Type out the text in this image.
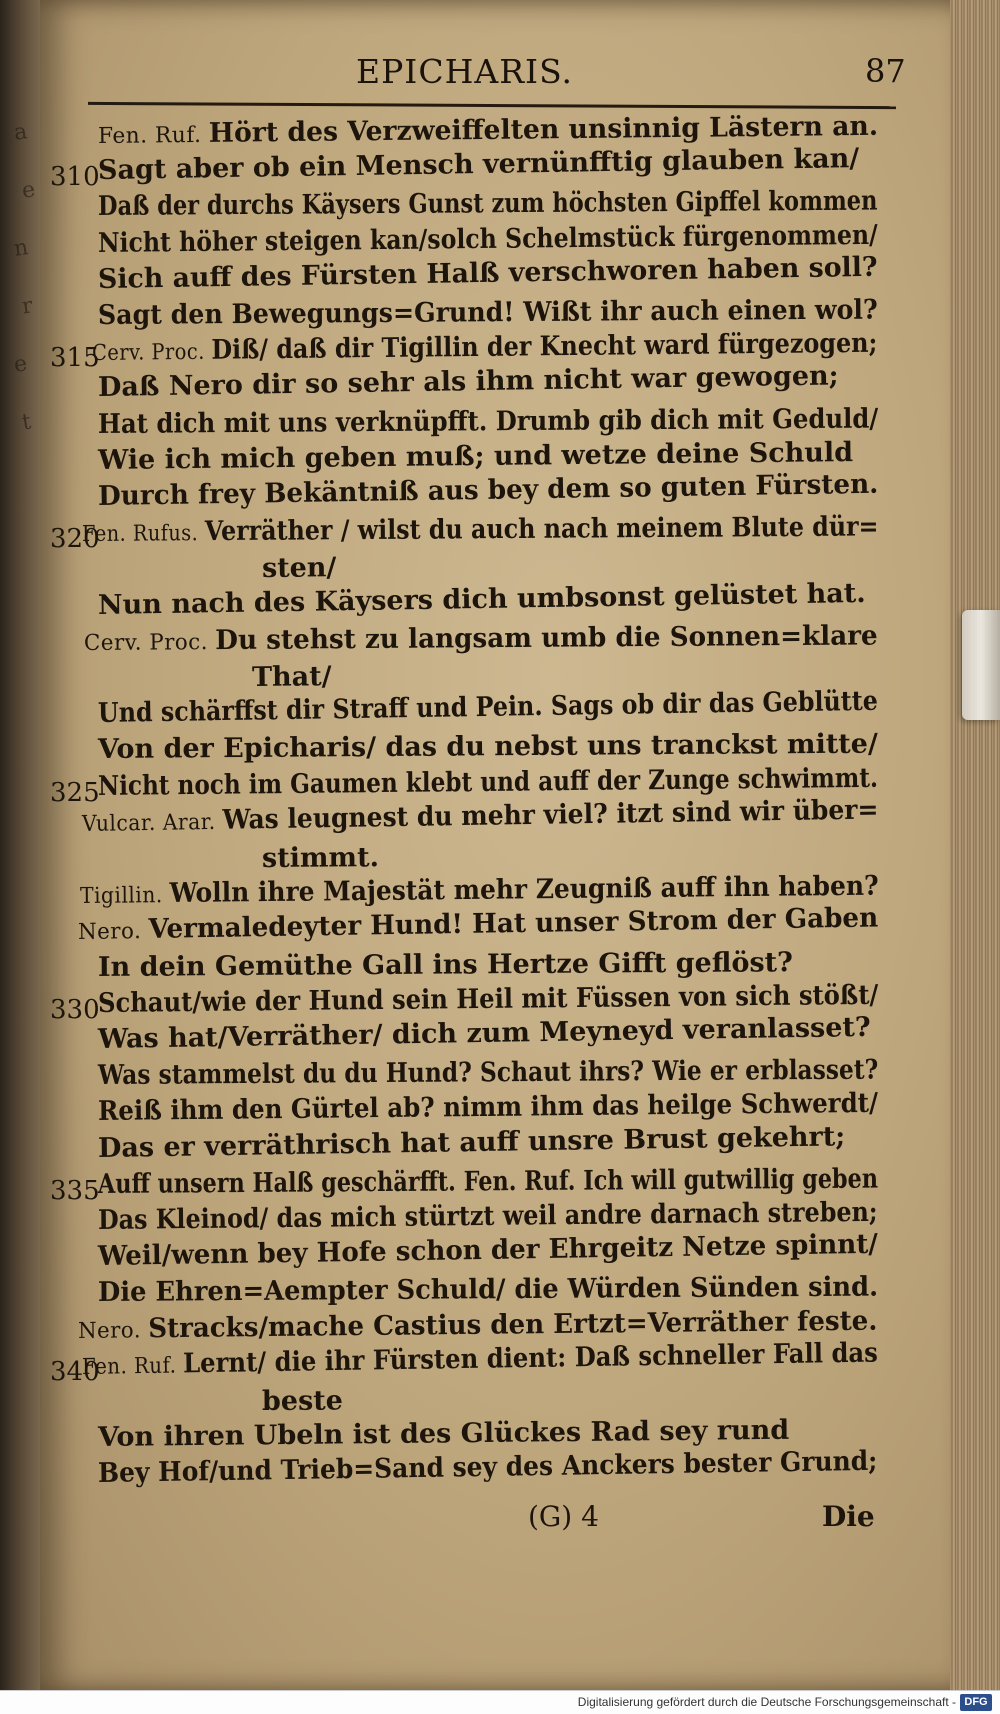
a
e
n
r
e
t
EPICHARIS.	87
Fen. Ruf. Hört des Verzweiffelten unsinnig Lästern an.
Sagt aber ob ein Mensch vernünfftig glauben kan/
310
Daß der durchs Käysers Gunst zum höchsten Gipffel kommen
Nicht höher steigen kan/solch Schelmstück fürgenommen/
Sich auff des Fürsten Halß verschworen haben soll?
Sagt den Bewegungs=Grund! Wißt ihr auch einen wol?
Cerv. Proc. Diß/ daß dir Tigillin der Knecht ward fürgezogen;
315
Daß Nero dir so sehr als ihm nicht war gewogen;
Hat dich mit uns verknüpfft. Drumb gib dich mit Geduld/
Wie ich mich geben muß; und wetze deine Schuld
Durch frey Bekäntniß aus bey dem so guten Fürsten.
Fen. Rufus. Verräther / wilst du auch nach meinem Blute dür=
320
sten/
Nun nach des Käysers dich umbsonst gelüstet hat.
Cerv. Proc. Du stehst zu langsam umb die Sonnen=klare
That/
Und schärffst dir Straff und Pein. Sags ob dir das Geblütte
Von der Epicharis/ das du nebst uns tranckst mitte/
Nicht noch im Gaumen klebt und auff der Zunge schwimmt.
325
Vulcar. Arar. Was leugnest du mehr viel? itzt sind wir über=
stimmt.
Tigillin. Wolln ihre Majestät mehr Zeugniß auff ihn haben?
Nero. Vermaledeyter Hund! Hat unser Strom der Gaben
In dein Gemüthe Gall ins Hertze Gifft geflöst?
Schaut/wie der Hund sein Heil mit Füssen von sich stößt/
330
Was hat/Verräther/ dich zum Meyneyd veranlasset?
Was stammelst du du Hund? Schaut ihrs? Wie er erblasset?
Reiß ihm den Gürtel ab? nimm ihm das heilge Schwerdt/
Das er verräthrisch hat auff unsre Brust gekehrt;
Auff unsern Halß geschärfft. Fen. Ruf. Ich will gutwillig geben
335
Das Kleinod/ das mich stürtzt weil andre darnach streben;
Weil/wenn bey Hofe schon der Ehrgeitz Netze spinnt/
Die Ehren=Aempter Schuld/ die Würden Sünden sind.
Nero. Stracks/mache Castius den Ertzt=Verräther feste.
Fen. Ruf. Lernt/ die ihr Fürsten dient: Daß schneller Fall das
340
beste
Von ihren Ubeln ist des Glückes Rad sey rund
Bey Hof/und Trieb=Sand sey des Anckers bester Grund;
(G) 4	Die
Digitalisierung gefördert durch die Deutsche Forschungsgemeinschaft - DFG
